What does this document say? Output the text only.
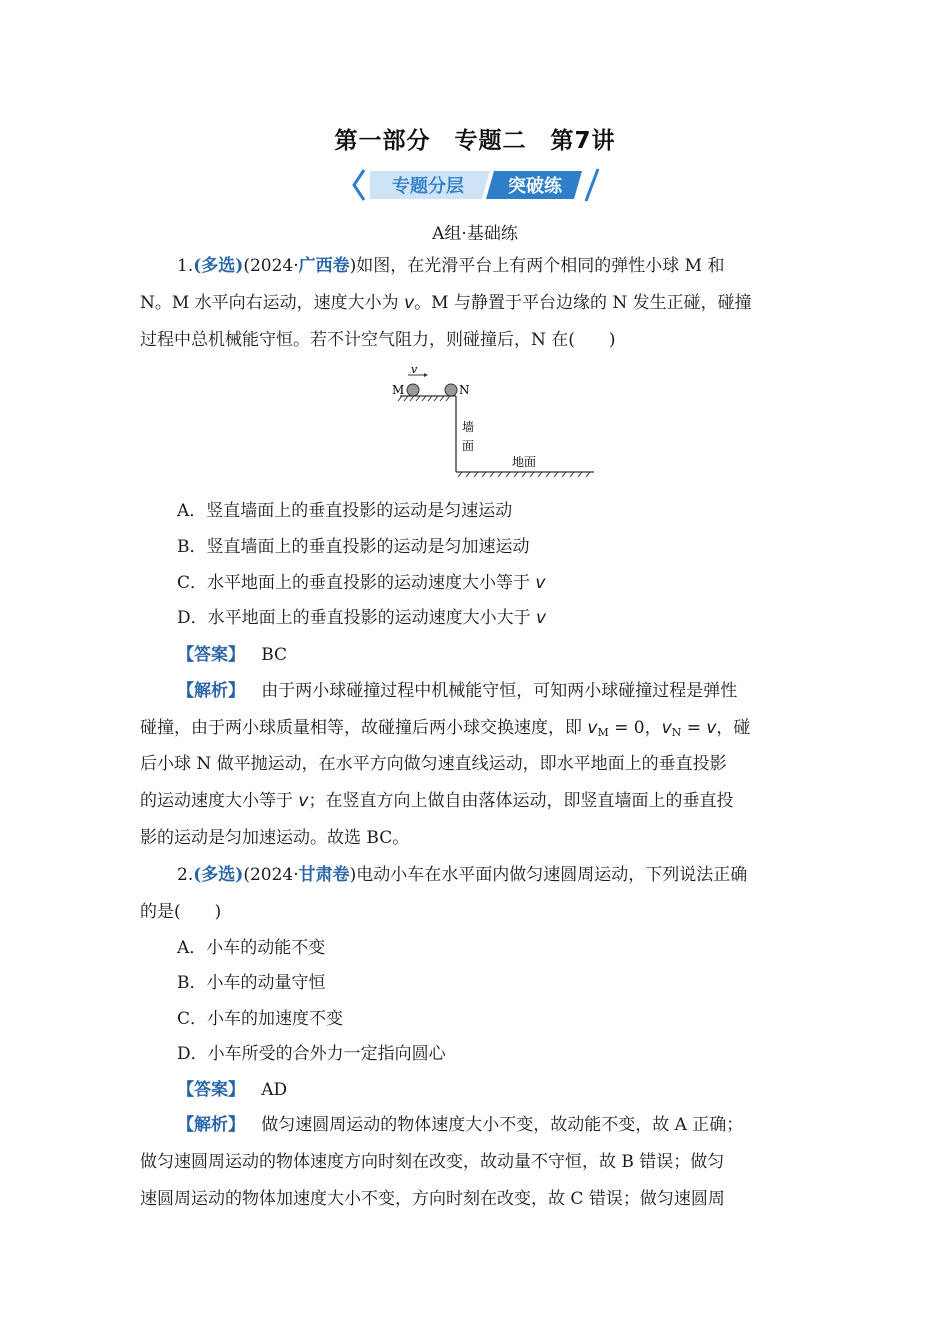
第一部分　专题二　第7讲
专题分层 突破练
A组·基础练
1.(多选)(2024·广西卷)如图，在光滑平台上有两个相同的弹性小球 M 和
N。M 水平向右运动，速度大小为 v。M 与静置于平台边缘的 N 发生正碰，碰撞
过程中总机械能守恒。若不计空气阻力，则碰撞后，N 在(　　)
M	N
v
墙
面
地面
A．竖直墙面上的垂直投影的运动是匀速运动
B．竖直墙面上的垂直投影的运动是匀加速运动
C．水平地面上的垂直投影的运动速度大小等于 v
D．水平地面上的垂直投影的运动速度大小大于 v
【答案】 BC
【解析】 由于两小球碰撞过程中机械能守恒，可知两小球碰撞过程是弹性
碰撞，由于两小球质量相等，故碰撞后两小球交换速度，即 $v_M = 0$，$v_N = v$，碰
后小球 N 做平抛运动，在水平方向做匀速直线运动，即水平地面上的垂直投影
的运动速度大小等于 v；在竖直方向上做自由落体运动，即竖直墙面上的垂直投
影的运动是匀加速运动。故选 BC。
2.(多选)(2024·甘肃卷)电动小车在水平面内做匀速圆周运动，下列说法正确
的是(　　)
A．小车的动能不变
B．小车的动量守恒
C．小车的加速度不变
D．小车所受的合外力一定指向圆心
【答案】 AD
【解析】 做匀速圆周运动的物体速度大小不变，故动能不变，故 A 正确；
做匀速圆周运动的物体速度方向时刻在改变，故动量不守恒，故 B 错误；做匀
速圆周运动的物体加速度大小不变，方向时刻在改变，故 C 错误；做匀速圆周
